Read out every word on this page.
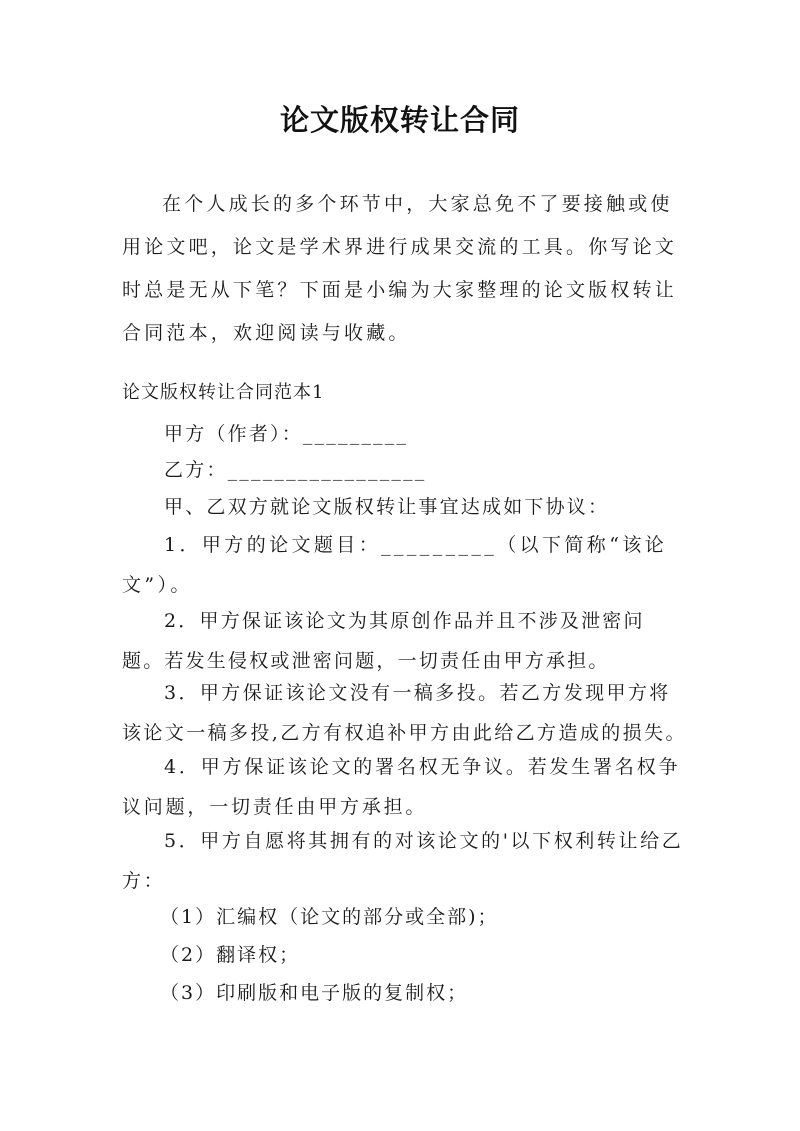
论文版权转让合同
在个人成长的多个环节中，大家总免不了要接触或使用论文吧，论文是学术界进行成果交流的工具。你写论文时总是无从下笔？下面是小编为大家整理的论文版权转让合同范本，欢迎阅读与收藏。
论文版权转让合同范本1
甲方（作者）：_________
乙方：_________________
甲、乙双方就论文版权转让事宜达成如下协议：
1．甲方的论文题目：_________（以下简称“该论文”）。
2．甲方保证该论文为其原创作品并且不涉及泄密问题。若发生侵权或泄密问题，一切责任由甲方承担。
3．甲方保证该论文没有一稿多投。若乙方发现甲方将该论文一稿多投,乙方有权追补甲方由此给乙方造成的损失。
4．甲方保证该论文的署名权无争议。若发生署名权争议问题，一切责任由甲方承担。
5．甲方自愿将其拥有的对该论文的'以下权利转让给乙方：
（1）汇编权（论文的部分或全部)；
（2）翻译权；
（3）印刷版和电子版的复制权；
